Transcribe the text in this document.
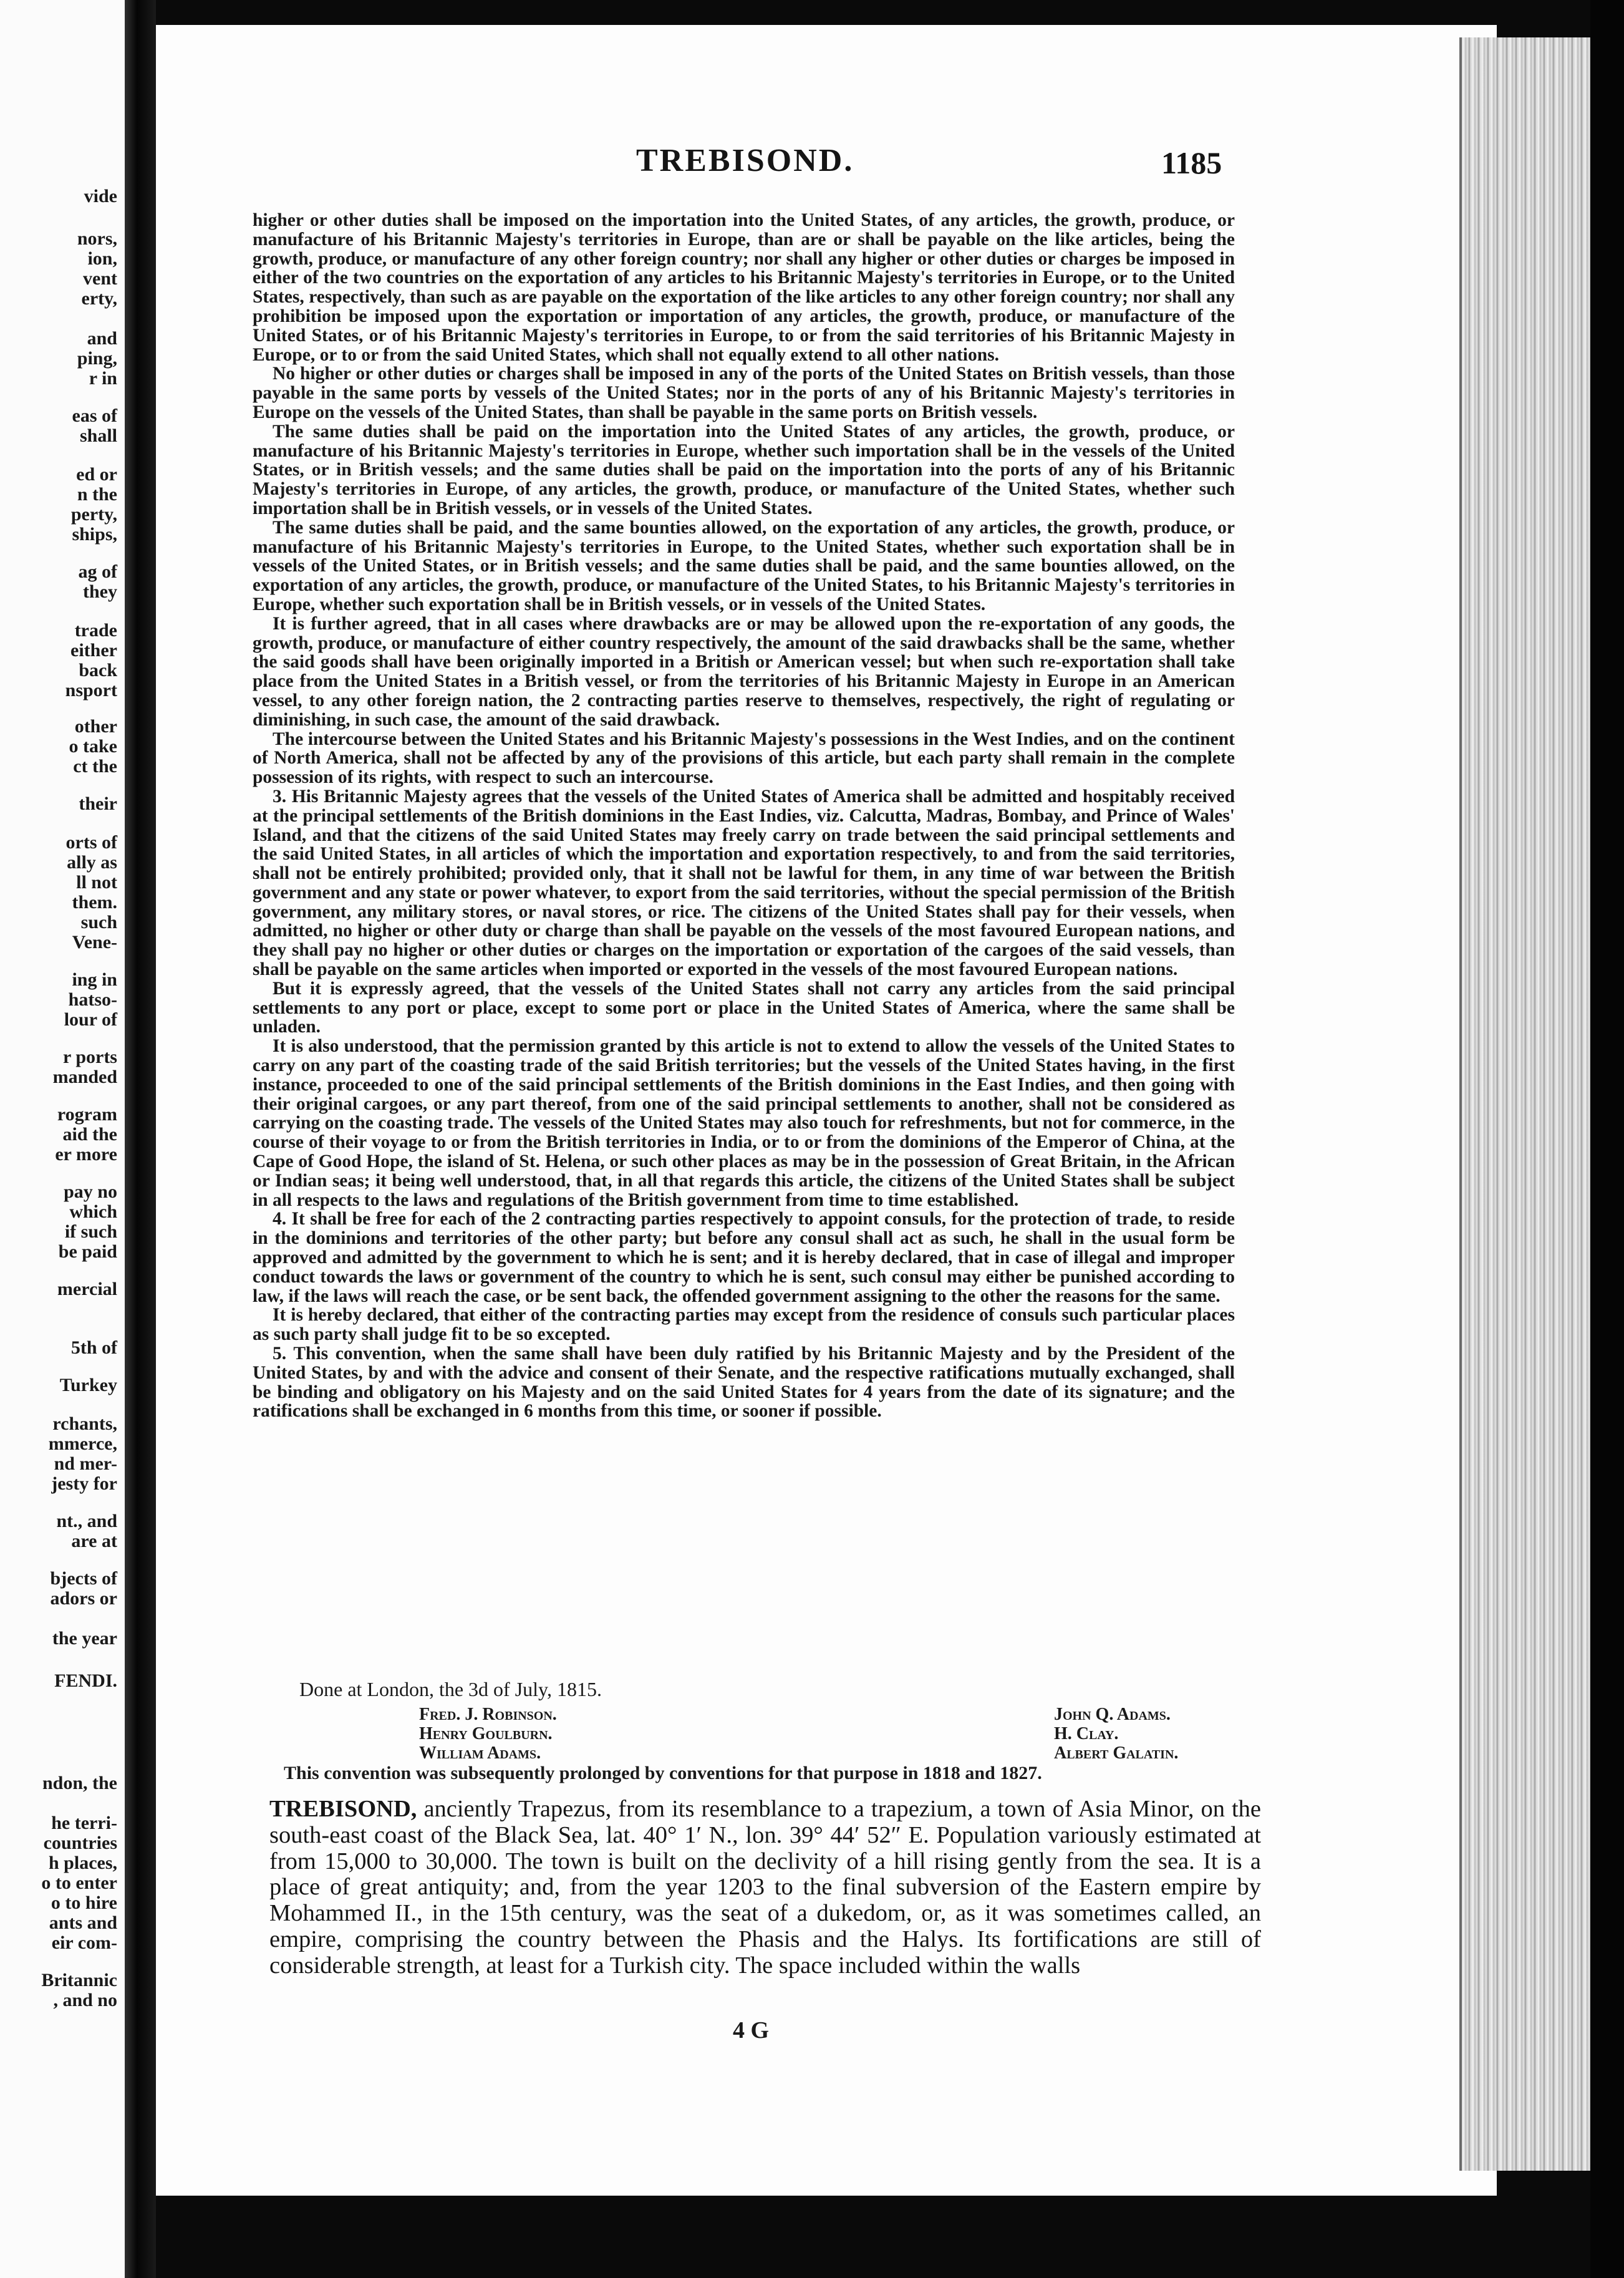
vide
nors,
ion,
vent
erty,
and
ping,
r in
eas of
shall
ed or
n the
perty,
ships,
ag of
they
trade
either
back
nsport
other
o take
ct the
their
orts of
ally as
ll not
them.
such
Vene-
ing in
hatso-
lour of
r ports
manded
rogram
aid the
er more
pay no
which
if such
be paid
mercial
5th of
Turkey
rchants,
mmerce,
nd mer-
jesty for
nt., and
are at
bjects of
adors or
the year
FENDI.
ndon, the
he terri-
countries
h places,
o to enter
o to hire
ants and
eir com-
Britannic
, and no
TREBISOND.	1185

higher or other duties shall be imposed on the importation into the United States, of any articles, the growth, produce, or manufacture of his Britannic Majesty's territories in Europe, than are or shall be payable on the like articles, being the growth, produce, or manufacture of any other foreign country; nor shall any higher or other duties or charges be imposed in either of the two countries on the exportation of any articles to his Britannic Majesty's territories in Europe, or to the United States, respectively, than such as are payable on the exportation of the like articles to any other foreign country; nor shall any prohibition be imposed upon the exportation or importation of any articles, the growth, produce, or manufacture of the United States, or of his Britannic Majesty's territories in Europe, to or from the said territories of his Britannic Majesty in Europe, or to or from the said United States, which shall not equally extend to all other nations.

No higher or other duties or charges shall be imposed in any of the ports of the United States on British vessels, than those payable in the same ports by vessels of the United States; nor in the ports of any of his Britannic Majesty's territories in Europe on the vessels of the United States, than shall be payable in the same ports on British vessels.

The same duties shall be paid on the importation into the United States of any articles, the growth, produce, or manufacture of his Britannic Majesty's territories in Europe, whether such importation shall be in the vessels of the United States, or in British vessels; and the same duties shall be paid on the importation into the ports of any of his Britannic Majesty's territories in Europe, of any articles, the growth, produce, or manufacture of the United States, whether such importation shall be in British vessels, or in vessels of the United States.

The same duties shall be paid, and the same bounties allowed, on the exportation of any articles, the growth, produce, or manufacture of his Britannic Majesty's territories in Europe, to the United States, whether such exportation shall be in vessels of the United States, or in British vessels; and the same duties shall be paid, and the same bounties allowed, on the exportation of any articles, the growth, produce, or manufacture of the United States, to his Britannic Majesty's territories in Europe, whether such exportation shall be in British vessels, or in vessels of the United States.

It is further agreed, that in all cases where drawbacks are or may be allowed upon the re-exportation of any goods, the growth, produce, or manufacture of either country respectively, the amount of the said drawbacks shall be the same, whether the said goods shall have been originally imported in a British or American vessel; but when such re-exportation shall take place from the United States in a British vessel, or from the territories of his Britannic Majesty in Europe in an American vessel, to any other foreign nation, the 2 contracting parties reserve to themselves, respectively, the right of regulating or diminishing, in such case, the amount of the said drawback.

The intercourse between the United States and his Britannic Majesty's possessions in the West Indies, and on the continent of North America, shall not be affected by any of the provisions of this article, but each party shall remain in the complete possession of its rights, with respect to such an intercourse.

3. His Britannic Majesty agrees that the vessels of the United States of America shall be admitted and hospitably received at the principal settlements of the British dominions in the East Indies, viz. Calcutta, Madras, Bombay, and Prince of Wales' Island, and that the citizens of the said United States may freely carry on trade between the said principal settlements and the said United States, in all articles of which the importation and exportation respectively, to and from the said territories, shall not be entirely prohibited; provided only, that it shall not be lawful for them, in any time of war between the British government and any state or power whatever, to export from the said territories, without the special permission of the British government, any military stores, or naval stores, or rice. The citizens of the United States shall pay for their vessels, when admitted, no higher or other duty or charge than shall be payable on the vessels of the most favoured European nations, and they shall pay no higher or other duties or charges on the importation or exportation of the cargoes of the said vessels, than shall be payable on the same articles when imported or exported in the vessels of the most favoured European nations.

But it is expressly agreed, that the vessels of the United States shall not carry any articles from the said principal settlements to any port or place, except to some port or place in the United States of America, where the same shall be unladen.

It is also understood, that the permission granted by this article is not to extend to allow the vessels of the United States to carry on any part of the coasting trade of the said British territories; but the vessels of the United States having, in the first instance, proceeded to one of the said principal settlements of the British dominions in the East Indies, and then going with their original cargoes, or any part thereof, from one of the said principal settlements to another, shall not be considered as carrying on the coasting trade. The vessels of the United States may also touch for refreshments, but not for commerce, in the course of their voyage to or from the British territories in India, or to or from the dominions of the Emperor of China, at the Cape of Good Hope, the island of St. Helena, or such other places as may be in the possession of Great Britain, in the African or Indian seas; it being well understood, that, in all that regards this article, the citizens of the United States shall be subject in all respects to the laws and regulations of the British government from time to time established.

4. It shall be free for each of the 2 contracting parties respectively to appoint consuls, for the protection of trade, to reside in the dominions and territories of the other party; but before any consul shall act as such, he shall in the usual form be approved and admitted by the government to which he is sent; and it is hereby declared, that in case of illegal and improper conduct towards the laws or government of the country to which he is sent, such consul may either be punished according to law, if the laws will reach the case, or be sent back, the offended government assigning to the other the reasons for the same.

It is hereby declared, that either of the contracting parties may except from the residence of consuls such particular places as such party shall judge fit to be so excepted.

5. This convention, when the same shall have been duly ratified by his Britannic Majesty and by the President of the United States, by and with the advice and consent of their Senate, and the respective ratifications mutually exchanged, shall be binding and obligatory on his Majesty and on the said United States for 4 years from the date of its signature; and the ratifications shall be exchanged in 6 months from this time, or sooner if possible.

Done at London, the 3d of July, 1815.
Fred. J. Robinson.
Henry Goulburn.
William Adams.
John Q. Adams.
H. Clay.
Albert Galatin.
This convention was subsequently prolonged by conventions for that purpose in 1818 and 1827.
TREBISOND, anciently Trapezus, from its resemblance to a trapezium, a town of Asia Minor, on the south-east coast of the Black Sea, lat. 40° 1′ N., lon. 39° 44′ 52″ E. Population variously estimated at from 15,000 to 30,000. The town is built on the declivity of a hill rising gently from the sea. It is a place of great antiquity; and, from the year 1203 to the final subversion of the Eastern empire by Mohammed II., in the 15th century, was the seat of a dukedom, or, as it was sometimes called, an empire, comprising the country between the Phasis and the Halys. Its fortifications are still of considerable strength, at least for a Turkish city. The space included within the walls
4 G
